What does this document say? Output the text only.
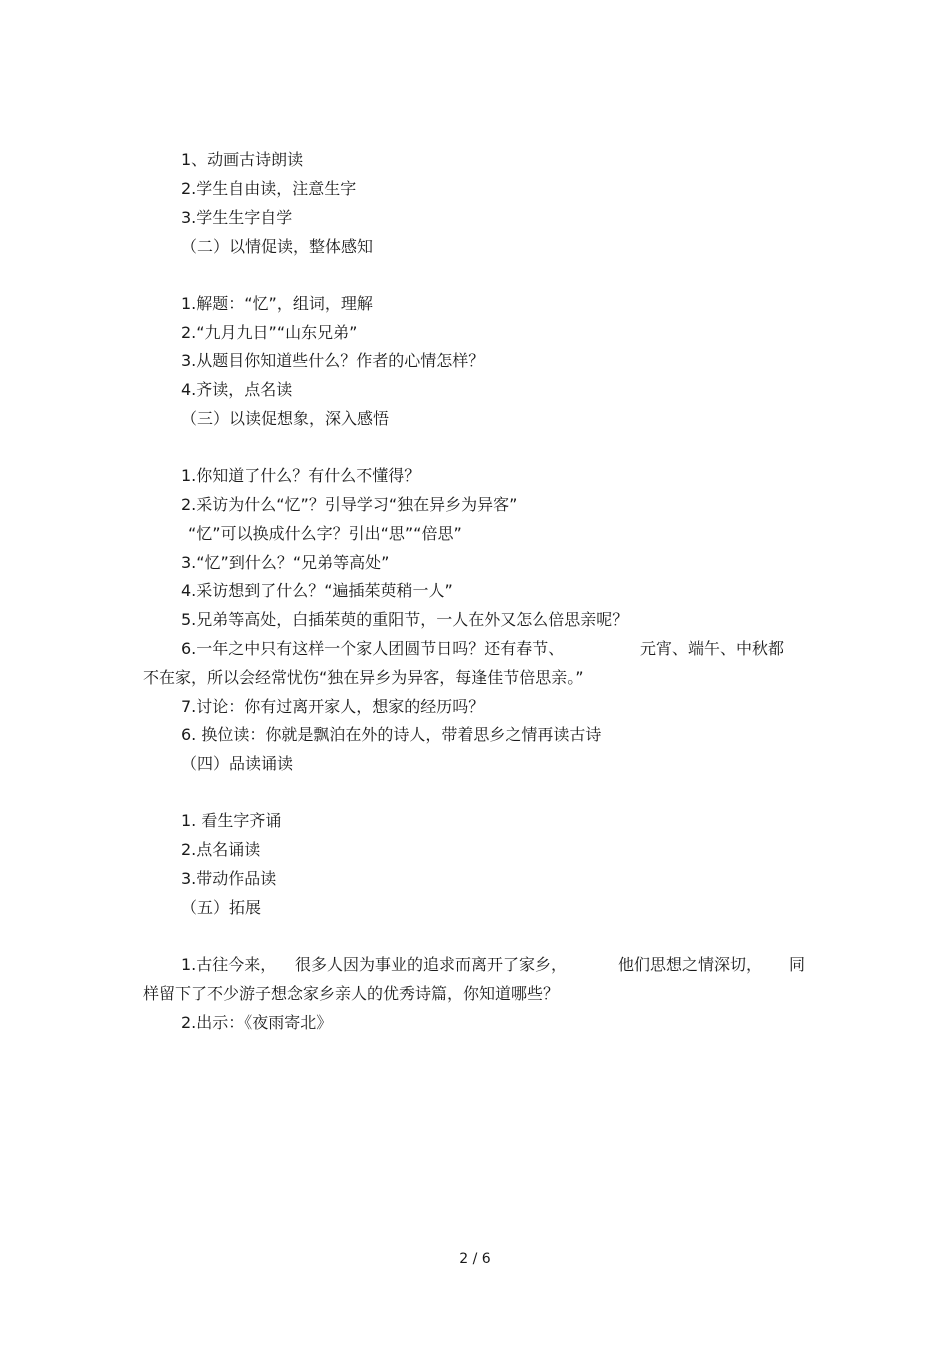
1、动画古诗朗读
2.学生自由读，注意生字
3.学生生字自学
（二）以情促读，整体感知
1.解题：“忆”，组词，理解
2.“九月九日”“山东兄弟”
3.从题目你知道些什么？作者的心情怎样？
4.齐读，点名读
（三）以读促想象，深入感悟
1.你知道了什么？有什么不懂得？
2.采访为什么“忆”？引导学习“独在异乡为异客”
“忆”可以换成什么字？引出“思”“倍思”
3.“忆”到什么？“兄弟等高处”
4.采访想到了什么？“遍插茱萸稍一人”
5.兄弟等高处，白插茱萸的重阳节，一人在外又怎么倍思亲呢？
6.一年之中只有这样一个家人团圆节日吗？还有春节、	元宵、端午、中秋都
不在家，所以会经常忧伤“独在异乡为异客，每逢佳节倍思亲。”
7.讨论：你有过离开家人，想家的经历吗？
6. 换位读：你就是飘泊在外的诗人，带着思乡之情再读古诗
（四）品读诵读
1. 看生字齐诵
2.点名诵读
3.带动作品读
（五）拓展
1.古往今来， 很多人因为事业的追求而离开了家乡，	他们思想之情深切， 同
样留下了不少游子想念家乡亲人的优秀诗篇，你知道哪些？
2.出示：《夜雨寄北》
2 / 6
